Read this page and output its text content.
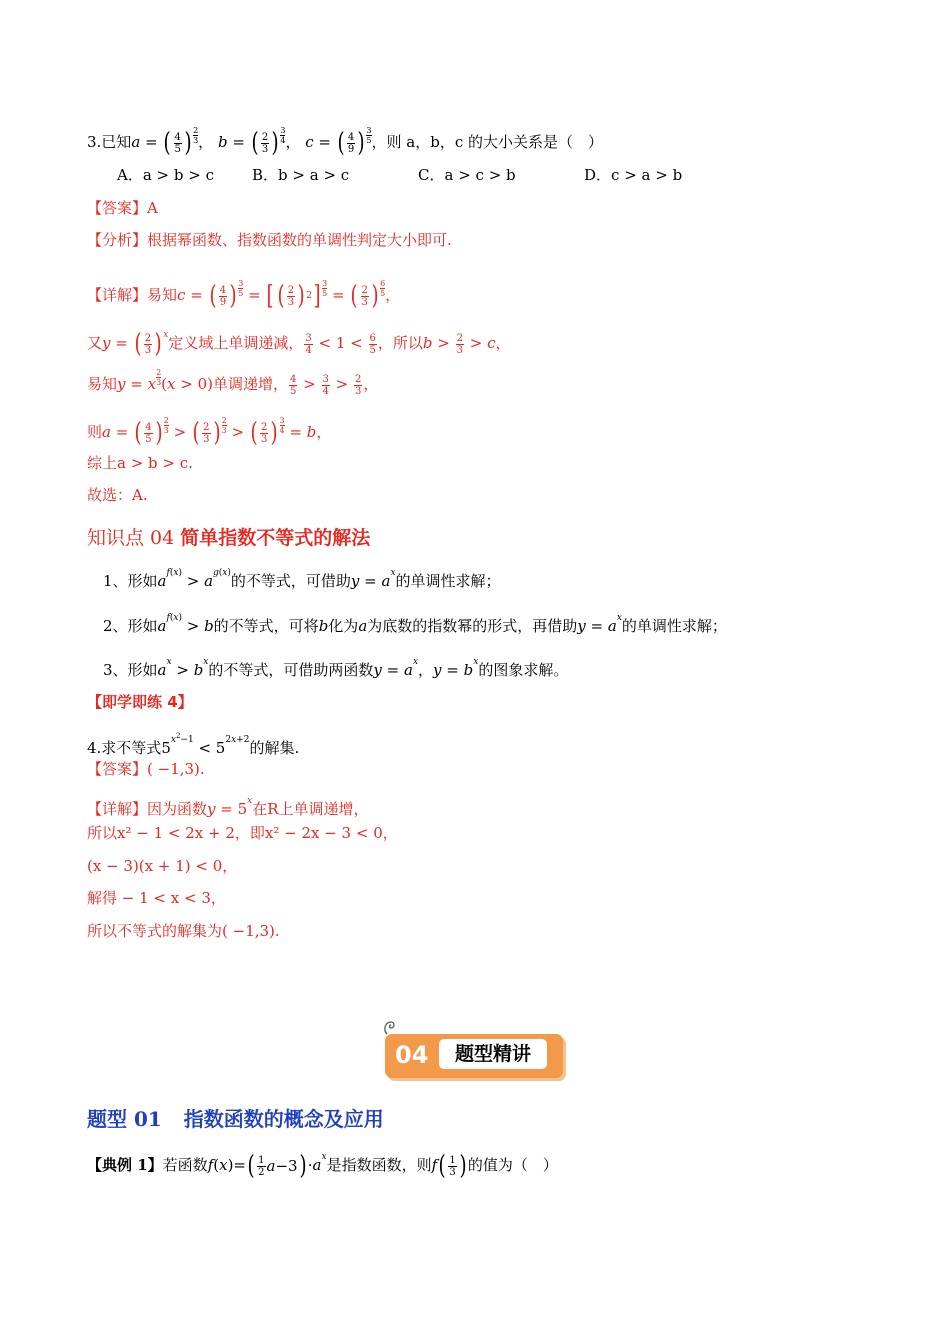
3.已知a = ( $\frac{4}{5}$ ) $\frac{2}{3}$ ， b = ( $\frac{2}{3}$ ) $\frac{3}{4}$ ， c = ( $\frac{4}{9}$ ) $\frac{3}{5}$ ，则 a，b，c 的大小关系是（　）
A．a > b > c	B．b > a > c	C．a > c > b	D．c > a > b
【答案】A
【分析】根据幂函数、指数函数的单调性判定大小即可.
【详解】易知c = ( $\frac{4}{9}$ ) $\frac{3}{5}$ = [ ( $\frac{2}{3}$ ) 2 ] $\frac{3}{5}$ = ( $\frac{2}{3}$ ) $\frac{6}{5}$ ，
又y = ( $\frac{2}{3}$ ) $^x$定义域上单调递减， $\frac{3}{4} < 1 < \frac{6}{5}$ ，所以$b > \frac{2}{3} > c$，
易知y = x $\frac{2}{3} (x > 0)$单调递增， $\frac{4}{5} > \frac{3}{4} > \frac{2}{3}$ ，
则a = ( $\frac{4}{5}$ ) $\frac{2}{3}$ > ( $\frac{2}{3}$ ) $\frac{2}{3}$ > ( $\frac{2}{3}$ ) $\frac{3}{4} = b$，
综上a > b > c.
故选：A.
知识点 04 简单指数不等式的解法
1、形如$a^{f(x)} > a^{g(x)}$的不等式，可借助$y = a^x$的单调性求解；
2、形如$a^{f(x)} > b$的不等式，可将b化为a为底数的指数幂的形式，再借助$y = a^x$的单调性求解；
3、形如$a^x > b^x$的不等式，可借助两函数$y = a^x$，$y = b^x$的图象求解。
【即学即练 4】
4.求不等式$5^{x^2-1} < 5^{2x+2}$的解集.
【答案】( −1,3).
【详解】因为函数$y = 5^x$在R上单调递增，
所以x² − 1 < 2x + 2，即x² − 2x − 3 < 0，
(x − 3)(x + 1) < 0，
解得 − 1 < x < 3，
所以不等式的解集为( −1,3).
04	题型精讲
题型 01 指数函数的概念及应用
【典例 1】若函数f(x)= ( $\frac{1}{2}$ a −3 ) $\cdot a^x$是指数函数，则f ( $\frac{1}{3}$ ) 的值为（　）
